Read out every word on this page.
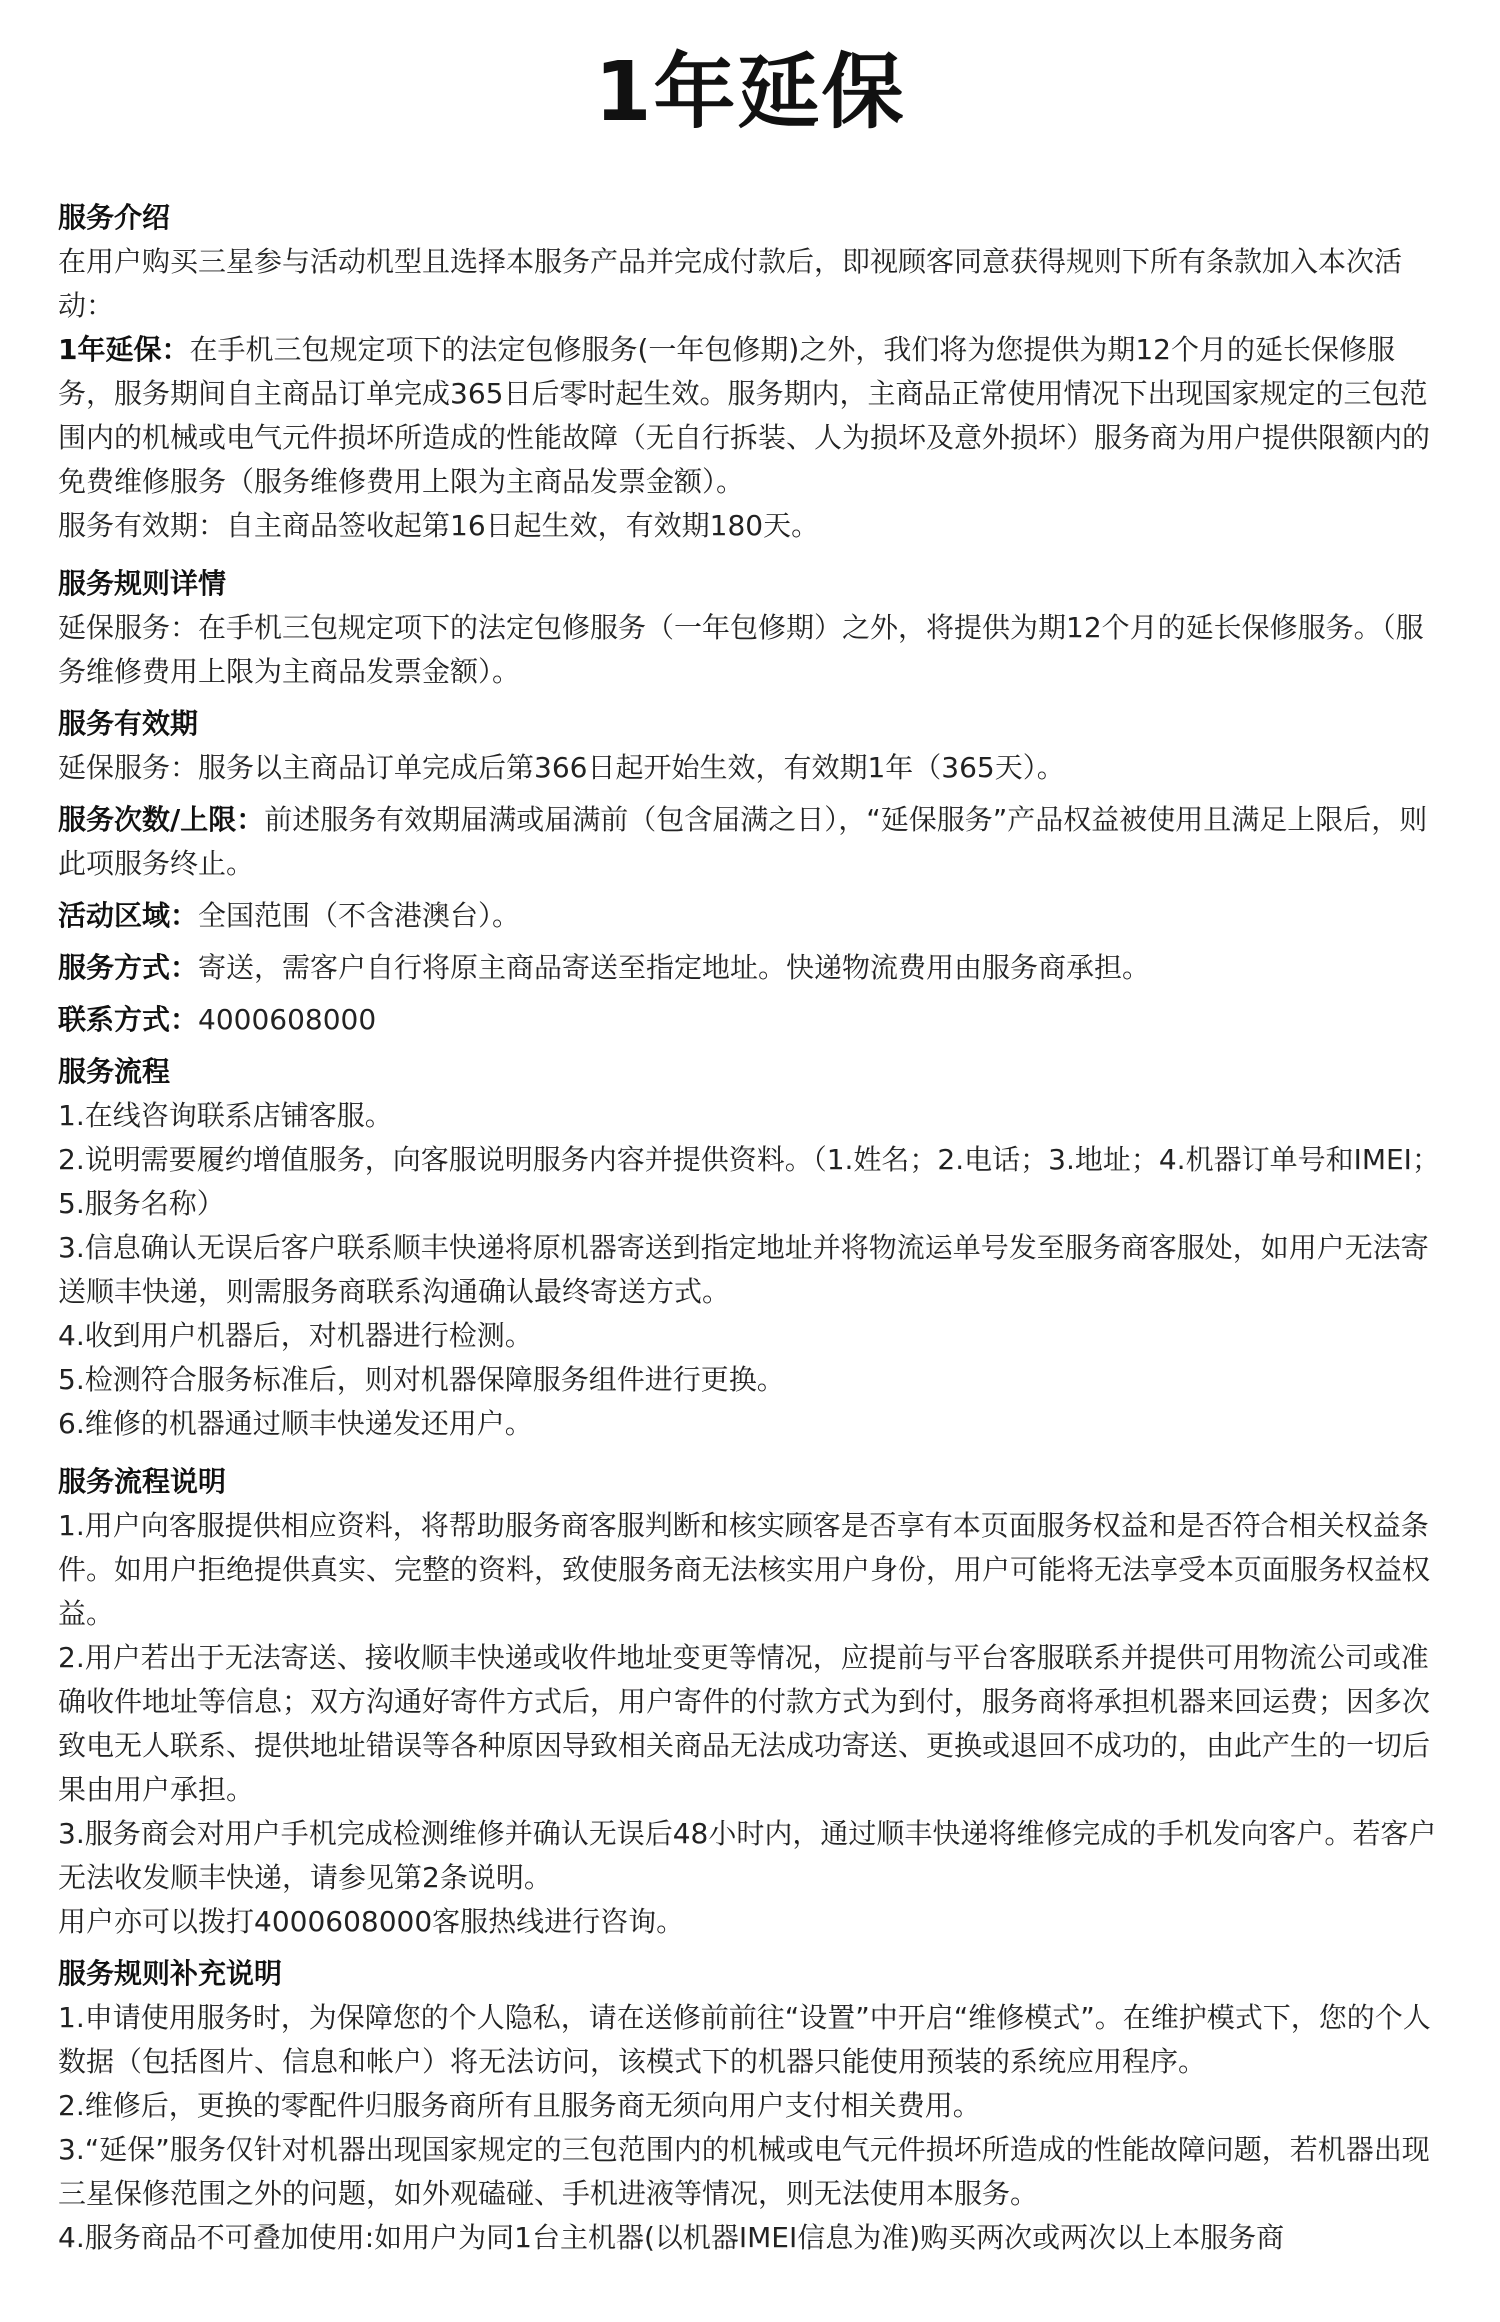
1年延保

服务介绍

在用户购买三星参与活动机型且选择本服务产品并完成付款后，即视顾客同意获得规则下所有条款加入本次活动：

1年延保：在手机三包规定项下的法定包修服务(一年包修期)之外，我们将为您提供为期12个月的延长保修服务，服务期间自主商品订单完成365日后零时起生效。服务期内，主商品正常使用情况下出现国家规定的三包范围内的机械或电气元件损坏所造成的性能故障（无自行拆装、人为损坏及意外损坏）服务商为用户提供限额内的免费维修服务（服务维修费用上限为主商品发票金额）。

服务有效期：自主商品签收起第16日起生效，有效期180天。

服务规则详情

延保服务：在手机三包规定项下的法定包修服务（一年包修期）之外，将提供为期12个月的延长保修服务。（服务维修费用上限为主商品发票金额）。

服务有效期

延保服务：服务以主商品订单完成后第366日起开始生效，有效期1年（365天）。

服务次数/上限：前述服务有效期届满或届满前（包含届满之日），“延保服务”产品权益被使用且满足上限后，则此项服务终止。

活动区域：全国范围（不含港澳台）。

服务方式：寄送，需客户自行将原主商品寄送至指定地址。快递物流费用由服务商承担。

联系方式：4000608000

服务流程

1.在线咨询联系店铺客服。

2.说明需要履约增值服务，向客服说明服务内容并提供资料。（1.姓名；2.电话；3.地址；4.机器订单号和IMEI；5.服务名称）

3.信息确认无误后客户联系顺丰快递将原机器寄送到指定地址并将物流运单号发至服务商客服处，如用户无法寄送顺丰快递，则需服务商联系沟通确认最终寄送方式。

4.收到用户机器后，对机器进行检测。

5.检测符合服务标准后，则对机器保障服务组件进行更换。

6.维修的机器通过顺丰快递发还用户。

服务流程说明

1.用户向客服提供相应资料，将帮助服务商客服判断和核实顾客是否享有本页面服务权益和是否符合相关权益条件。如用户拒绝提供真实、完整的资料，致使服务商无法核实用户身份，用户可能将无法享受本页面服务权益权益。

2.用户若出于无法寄送、接收顺丰快递或收件地址变更等情况，应提前与平台客服联系并提供可用物流公司或准确收件地址等信息；双方沟通好寄件方式后，用户寄件的付款方式为到付，服务商将承担机器来回运费；因多次致电无人联系、提供地址错误等各种原因导致相关商品无法成功寄送、更换或退回不成功的，由此产生的一切后果由用户承担。

3.服务商会对用户手机完成检测维修并确认无误后48小时内，通过顺丰快递将维修完成的手机发向客户。若客户无法收发顺丰快递，请参见第2条说明。

用户亦可以拨打4000608000客服热线进行咨询。

服务规则补充说明

1.申请使用服务时，为保障您的个人隐私，请在送修前前往“设置”中开启“维修模式”。在维护模式下，您的个人数据（包括图片、信息和帐户）将无法访问，该模式下的机器只能使用预装的系统应用程序。

2.维修后，更换的零配件归服务商所有且服务商无须向用户支付相关费用。

3.“延保”服务仅针对机器出现国家规定的三包范围内的机械或电气元件损坏所造成的性能故障问题，若机器出现三星保修范围之外的问题，如外观磕碰、手机进液等情况，则无法使用本服务。

4.服务商品不可叠加使用:如用户为同1台主机器(以机器IMEI信息为准)购买两次或两次以上本服务商
